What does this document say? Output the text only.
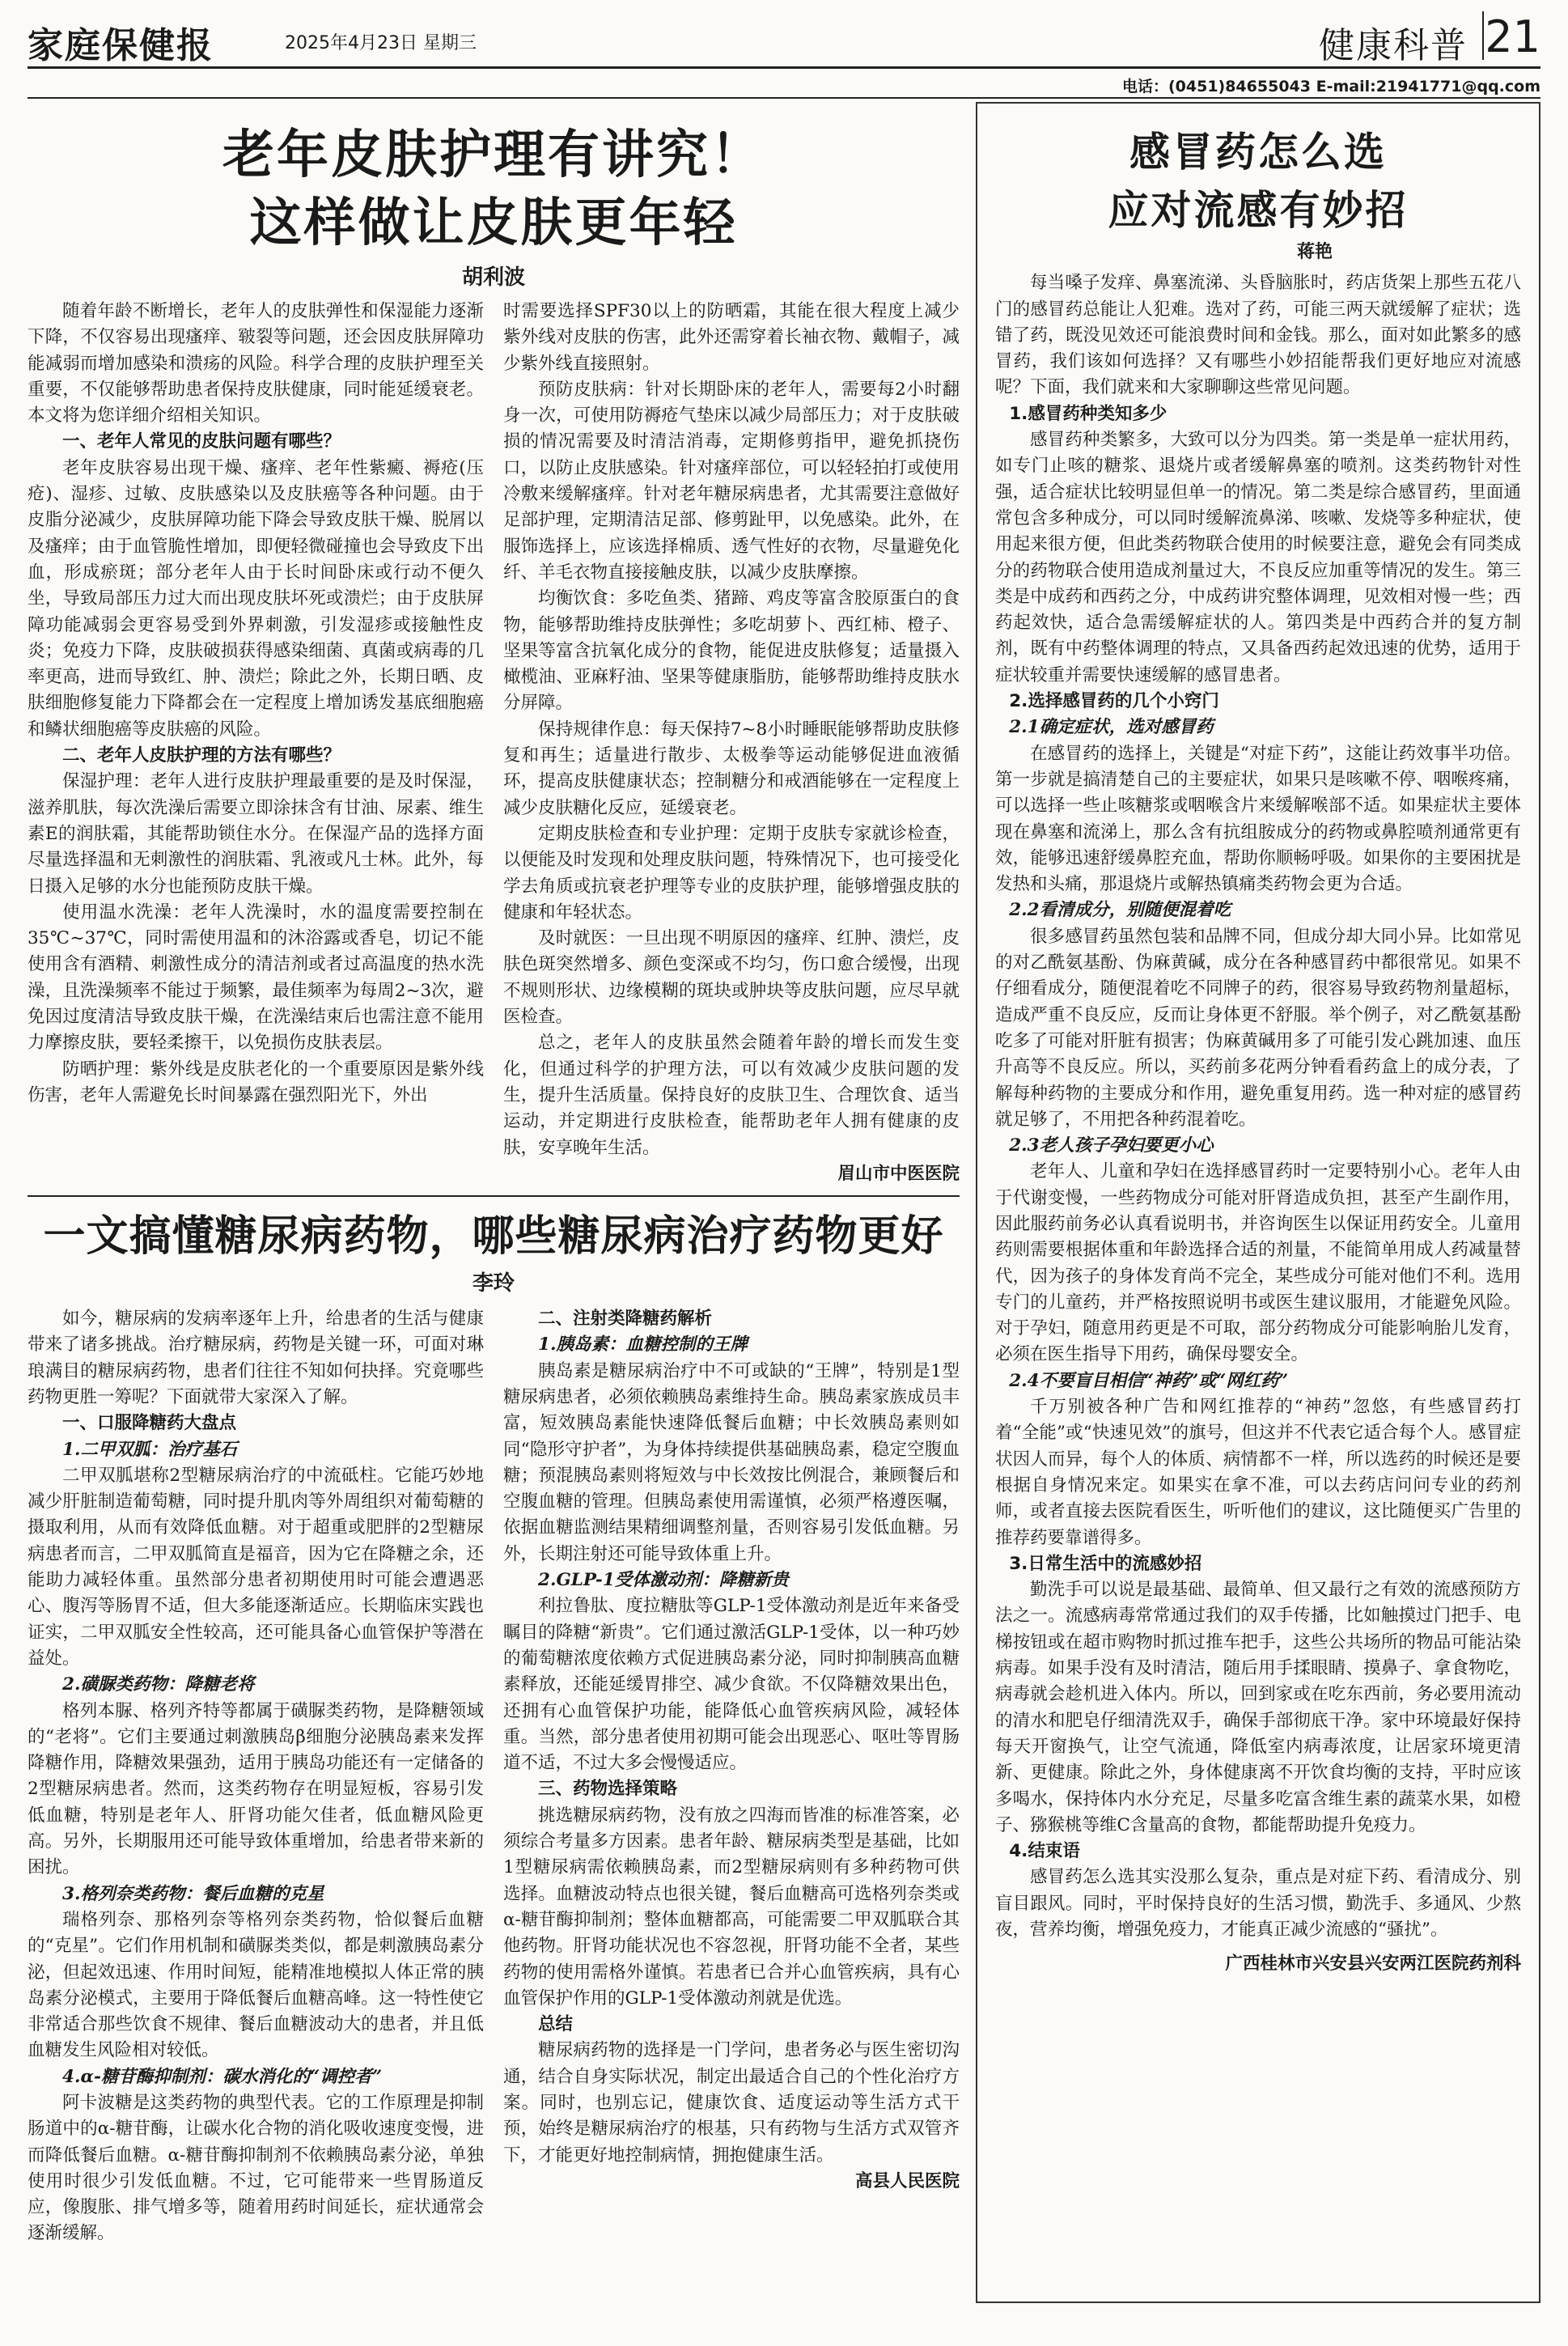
家庭保健报	2025年4月23日 星期三	健康科普 21
电话：(0451)84655043 E-mail:21941771@qq.com
老年皮肤护理有讲究！
这样做让皮肤更年轻
胡利波
随着年龄不断增长，老年人的皮肤弹性和保湿能力逐渐下降，不仅容易出现瘙痒、皲裂等问题，还会因皮肤屏障功能减弱而增加感染和溃疡的风险。科学合理的皮肤护理至关重要，不仅能够帮助患者保持皮肤健康，同时能延缓衰老。本文将为您详细介绍相关知识。
一、老年人常见的皮肤问题有哪些？
老年皮肤容易出现干燥、瘙痒、老年性紫癜、褥疮(压疮)、湿疹、过敏、皮肤感染以及皮肤癌等各种问题。由于皮脂分泌减少，皮肤屏障功能下降会导致皮肤干燥、脱屑以及瘙痒；由于血管脆性增加，即便轻微碰撞也会导致皮下出血，形成瘀斑；部分老年人由于长时间卧床或行动不便久坐，导致局部压力过大而出现皮肤坏死或溃烂；由于皮肤屏障功能减弱会更容易受到外界刺激，引发湿疹或接触性皮炎；免疫力下降，皮肤破损获得感染细菌、真菌或病毒的几率更高，进而导致红、肿、溃烂；除此之外，长期日晒、皮肤细胞修复能力下降都会在一定程度上增加诱发基底细胞癌和鳞状细胞癌等皮肤癌的风险。
二、老年人皮肤护理的方法有哪些？
保湿护理：老年人进行皮肤护理最重要的是及时保湿，滋养肌肤，每次洗澡后需要立即涂抹含有甘油、尿素、维生素E的润肤霜，其能帮助锁住水分。在保湿产品的选择方面尽量选择温和无刺激性的润肤霜、乳液或凡士林。此外，每日摄入足够的水分也能预防皮肤干燥。
使用温水洗澡：老年人洗澡时，水的温度需要控制在35℃~37℃，同时需使用温和的沐浴露或香皂，切记不能使用含有酒精、刺激性成分的清洁剂或者过高温度的热水洗澡，且洗澡频率不能过于频繁，最佳频率为每周2~3次，避免因过度清洁导致皮肤干燥，在洗澡结束后也需注意不能用力摩擦皮肤，要轻柔擦干，以免损伤皮肤表层。
防晒护理：紫外线是皮肤老化的一个重要原因是紫外线伤害，老年人需避免长时间暴露在强烈阳光下，外出
时需要选择SPF30以上的防晒霜，其能在很大程度上减少紫外线对皮肤的伤害，此外还需穿着长袖衣物、戴帽子，减少紫外线直接照射。
预防皮肤病：针对长期卧床的老年人，需要每2小时翻身一次，可使用防褥疮气垫床以减少局部压力；对于皮肤破损的情况需要及时清洁消毒，定期修剪指甲，避免抓挠伤口，以防止皮肤感染。针对瘙痒部位，可以轻轻拍打或使用冷敷来缓解瘙痒。针对老年糖尿病患者，尤其需要注意做好足部护理，定期清洁足部、修剪趾甲，以免感染。此外，在服饰选择上，应该选择棉质、透气性好的衣物，尽量避免化纤、羊毛衣物直接接触皮肤，以减少皮肤摩擦。
均衡饮食：多吃鱼类、猪蹄、鸡皮等富含胶原蛋白的食物，能够帮助维持皮肤弹性；多吃胡萝卜、西红柿、橙子、坚果等富含抗氧化成分的食物，能促进皮肤修复；适量摄入橄榄油、亚麻籽油、坚果等健康脂肪，能够帮助维持皮肤水分屏障。
保持规律作息：每天保持7~8小时睡眠能够帮助皮肤修复和再生；适量进行散步、太极拳等运动能够促进血液循环，提高皮肤健康状态；控制糖分和戒酒能够在一定程度上减少皮肤糖化反应，延缓衰老。
定期皮肤检查和专业护理：定期于皮肤专家就诊检查，以便能及时发现和处理皮肤问题，特殊情况下，也可接受化学去角质或抗衰老护理等专业的皮肤护理，能够增强皮肤的健康和年轻状态。
及时就医：一旦出现不明原因的瘙痒、红肿、溃烂，皮肤色斑突然增多、颜色变深或不均匀，伤口愈合缓慢，出现不规则形状、边缘模糊的斑块或肿块等皮肤问题，应尽早就医检查。
总之，老年人的皮肤虽然会随着年龄的增长而发生变化，但通过科学的护理方法，可以有效减少皮肤问题的发生，提升生活质量。保持良好的皮肤卫生、合理饮食、适当运动，并定期进行皮肤检查，能帮助老年人拥有健康的皮肤，安享晚年生活。
眉山市中医医院
一文搞懂糖尿病药物，哪些糖尿病治疗药物更好
李玲
如今，糖尿病的发病率逐年上升，给患者的生活与健康带来了诸多挑战。治疗糖尿病，药物是关键一环，可面对琳琅满目的糖尿病药物，患者们往往不知如何抉择。究竟哪些药物更胜一筹呢？下面就带大家深入了解。
一、口服降糖药大盘点
1.二甲双胍：治疗基石
二甲双胍堪称2型糖尿病治疗的中流砥柱。它能巧妙地减少肝脏制造葡萄糖，同时提升肌肉等外周组织对葡萄糖的摄取利用，从而有效降低血糖。对于超重或肥胖的2型糖尿病患者而言，二甲双胍简直是福音，因为它在降糖之余，还能助力减轻体重。虽然部分患者初期使用时可能会遭遇恶心、腹泻等肠胃不适，但大多能逐渐适应。长期临床实践也证实，二甲双胍安全性较高，还可能具备心血管保护等潜在益处。
2.磺脲类药物：降糖老将
格列本脲、格列齐特等都属于磺脲类药物，是降糖领域的“老将”。它们主要通过刺激胰岛β细胞分泌胰岛素来发挥降糖作用，降糖效果强劲，适用于胰岛功能还有一定储备的2型糖尿病患者。然而，这类药物存在明显短板，容易引发低血糖，特别是老年人、肝肾功能欠佳者，低血糖风险更高。另外，长期服用还可能导致体重增加，给患者带来新的困扰。
3.格列奈类药物：餐后血糖的克星
瑞格列奈、那格列奈等格列奈类药物，恰似餐后血糖的“克星”。它们作用机制和磺脲类类似，都是刺激胰岛素分泌，但起效迅速、作用时间短，能精准地模拟人体正常的胰岛素分泌模式，主要用于降低餐后血糖高峰。这一特性使它非常适合那些饮食不规律、餐后血糖波动大的患者，并且低血糖发生风险相对较低。
4.α-糖苷酶抑制剂：碳水消化的“调控者”
阿卡波糖是这类药物的典型代表。它的工作原理是抑制肠道中的α-糖苷酶，让碳水化合物的消化吸收速度变慢，进而降低餐后血糖。α-糖苷酶抑制剂不依赖胰岛素分泌，单独使用时很少引发低血糖。不过，它可能带来一些胃肠道反应，像腹胀、排气增多等，随着用药时间延长，症状通常会逐渐缓解。
二、注射类降糖药解析
1.胰岛素：血糖控制的王牌
胰岛素是糖尿病治疗中不可或缺的“王牌”，特别是1型糖尿病患者，必须依赖胰岛素维持生命。胰岛素家族成员丰富，短效胰岛素能快速降低餐后血糖；中长效胰岛素则如同“隐形守护者”，为身体持续提供基础胰岛素，稳定空腹血糖；预混胰岛素则将短效与中长效按比例混合，兼顾餐后和空腹血糖的管理。但胰岛素使用需谨慎，必须严格遵医嘱，依据血糖监测结果精细调整剂量，否则容易引发低血糖。另外，长期注射还可能导致体重上升。
2.GLP-1受体激动剂：降糖新贵
利拉鲁肽、度拉糖肽等GLP-1受体激动剂是近年来备受瞩目的降糖“新贵”。它们通过激活GLP-1受体，以一种巧妙的葡萄糖浓度依赖方式促进胰岛素分泌，同时抑制胰高血糖素释放，还能延缓胃排空、减少食欲。不仅降糖效果出色，还拥有心血管保护功能，能降低心血管疾病风险，减轻体重。当然，部分患者使用初期可能会出现恶心、呕吐等胃肠道不适，不过大多会慢慢适应。
三、药物选择策略
挑选糖尿病药物，没有放之四海而皆准的标准答案，必须综合考量多方因素。患者年龄、糖尿病类型是基础，比如1型糖尿病需依赖胰岛素，而2型糖尿病则有多种药物可供选择。血糖波动特点也很关键，餐后血糖高可选格列奈类或α-糖苷酶抑制剂；整体血糖都高，可能需要二甲双胍联合其他药物。肝肾功能状况也不容忽视，肝肾功能不全者，某些药物的使用需格外谨慎。若患者已合并心血管疾病，具有心血管保护作用的GLP-1受体激动剂就是优选。
总结
糖尿病药物的选择是一门学问，患者务必与医生密切沟通，结合自身实际状况，制定出最适合自己的个性化治疗方案。同时，也别忘记，健康饮食、适度运动等生活方式干预，始终是糖尿病治疗的根基，只有药物与生活方式双管齐下，才能更好地控制病情，拥抱健康生活。
高县人民医院
感冒药怎么选
应对流感有妙招
蒋艳
每当嗓子发痒、鼻塞流涕、头昏脑胀时，药店货架上那些五花八门的感冒药总能让人犯难。选对了药，可能三两天就缓解了症状；选错了药，既没见效还可能浪费时间和金钱。那么，面对如此繁多的感冒药，我们该如何选择？又有哪些小妙招能帮我们更好地应对流感呢？下面，我们就来和大家聊聊这些常见问题。
1.感冒药种类知多少
感冒药种类繁多，大致可以分为四类。第一类是单一症状用药，如专门止咳的糖浆、退烧片或者缓解鼻塞的喷剂。这类药物针对性强，适合症状比较明显但单一的情况。第二类是综合感冒药，里面通常包含多种成分，可以同时缓解流鼻涕、咳嗽、发烧等多种症状，使用起来很方便，但此类药物联合使用的时候要注意，避免会有同类成分的药物联合使用造成剂量过大，不良反应加重等情况的发生。第三类是中成药和西药之分，中成药讲究整体调理，见效相对慢一些；西药起效快，适合急需缓解症状的人。第四类是中西药合并的复方制剂，既有中药整体调理的特点，又具备西药起效迅速的优势，适用于症状较重并需要快速缓解的感冒患者。
2.选择感冒药的几个小窍门
2.1确定症状，选对感冒药
在感冒药的选择上，关键是“对症下药”，这能让药效事半功倍。第一步就是搞清楚自己的主要症状，如果只是咳嗽不停、咽喉疼痛，可以选择一些止咳糖浆或咽喉含片来缓解喉部不适。如果症状主要体现在鼻塞和流涕上，那么含有抗组胺成分的药物或鼻腔喷剂通常更有效，能够迅速舒缓鼻腔充血，帮助你顺畅呼吸。如果你的主要困扰是发热和头痛，那退烧片或解热镇痛类药物会更为合适。
2.2看清成分，别随便混着吃
很多感冒药虽然包装和品牌不同，但成分却大同小异。比如常见的对乙酰氨基酚、伪麻黄碱，成分在各种感冒药中都很常见。如果不仔细看成分，随便混着吃不同牌子的药，很容易导致药物剂量超标，造成严重不良反应，反而让身体更不舒服。举个例子，对乙酰氨基酚吃多了可能对肝脏有损害；伪麻黄碱用多了可能引发心跳加速、血压升高等不良反应。所以，买药前多花两分钟看看药盒上的成分表，了解每种药物的主要成分和作用，避免重复用药。选一种对症的感冒药就足够了，不用把各种药混着吃。
2.3老人孩子孕妇要更小心
老年人、儿童和孕妇在选择感冒药时一定要特别小心。老年人由于代谢变慢，一些药物成分可能对肝肾造成负担，甚至产生副作用，因此服药前务必认真看说明书，并咨询医生以保证用药安全。儿童用药则需要根据体重和年龄选择合适的剂量，不能简单用成人药减量替代，因为孩子的身体发育尚不完全，某些成分可能对他们不利。选用专门的儿童药，并严格按照说明书或医生建议服用，才能避免风险。对于孕妇，随意用药更是不可取，部分药物成分可能影响胎儿发育，必须在医生指导下用药，确保母婴安全。
2.4不要盲目相信“神药”或“网红药”
千万别被各种广告和网红推荐的“神药”忽悠，有些感冒药打着“全能”或“快速见效”的旗号，但这并不代表它适合每个人。感冒症状因人而异，每个人的体质、病情都不一样，所以选药的时候还是要根据自身情况来定。如果实在拿不准，可以去药店问问专业的药剂师，或者直接去医院看医生，听听他们的建议，这比随便买广告里的推荐药要靠谱得多。
3.日常生活中的流感妙招
勤洗手可以说是最基础、最简单、但又最行之有效的流感预防方法之一。流感病毒常常通过我们的双手传播，比如触摸过门把手、电梯按钮或在超市购物时抓过推车把手，这些公共场所的物品可能沾染病毒。如果手没有及时清洁，随后用手揉眼睛、摸鼻子、拿食物吃，病毒就会趁机进入体内。所以，回到家或在吃东西前，务必要用流动的清水和肥皂仔细清洗双手，确保手部彻底干净。家中环境最好保持每天开窗换气，让空气流通，降低室内病毒浓度，让居家环境更清新、更健康。除此之外，身体健康离不开饮食均衡的支持，平时应该多喝水，保持体内水分充足，尽量多吃富含维生素的蔬菜水果，如橙子、猕猴桃等维C含量高的食物，都能帮助提升免疫力。
4.结束语
感冒药怎么选其实没那么复杂，重点是对症下药、看清成分、别盲目跟风。同时，平时保持良好的生活习惯，勤洗手、多通风、少熬夜，营养均衡，增强免疫力，才能真正减少流感的“骚扰”。
广西桂林市兴安县兴安两江医院药剂科
